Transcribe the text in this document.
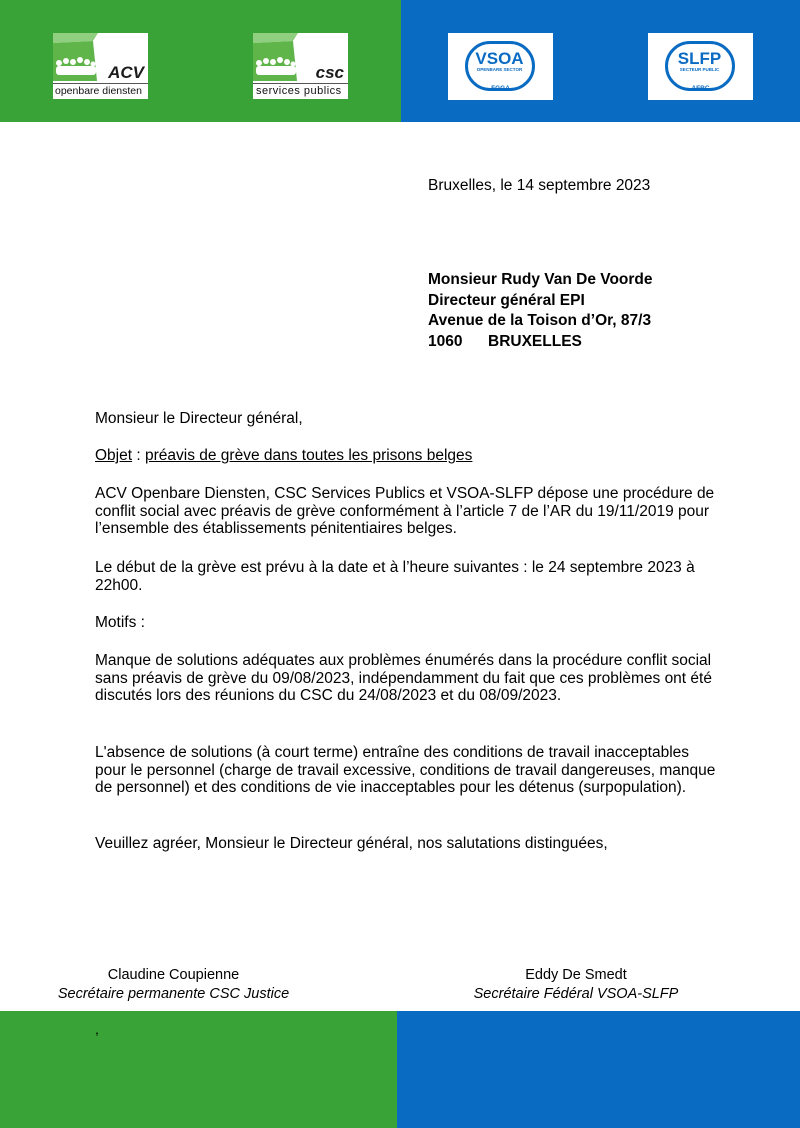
ACV
openbare diensten
csc
services publics
VSOA
OPENBARE SECTOR
FGGA
SLFP
SECTEUR PUBLIC
AFRC
Bruxelles, le 14 septembre 2023
Monsieur Rudy Van De Voorde
Directeur général EPI
Avenue de la Toison d’Or, 87/3
1060 BRUXELLES
Monsieur le Directeur général,
Objet : préavis de grève dans toutes les prisons belges
ACV Openbare Diensten, CSC Services Publics et VSOA-SLFP dépose une procédure de conflit social avec préavis de grève conformément à l’article 7 de l’AR du 19/11/2019 pour l’ensemble des établissements pénitentiaires belges.
Le début de la grève est prévu à la date et à l’heure suivantes : le 24 septembre 2023 à 22h00.
Motifs :
Manque de solutions adéquates aux problèmes énumérés dans la procédure conflit social sans préavis de grève du 09/08/2023, indépendamment du fait que ces problèmes ont été discutés lors des réunions du CSC du 24/08/2023 et du 08/09/2023.
L'absence de solutions (à court terme) entraîne des conditions de travail inacceptables pour le personnel (charge de travail excessive, conditions de travail dangereuses, manque de personnel) et des conditions de vie inacceptables pour les détenus (surpopulation).
Veuillez agréer, Monsieur le Directeur général, nos salutations distinguées,
Claudine Coupienne
Secrétaire permanente CSC Justice
Eddy De Smedt
Secrétaire Fédéral VSOA-SLFP
,
